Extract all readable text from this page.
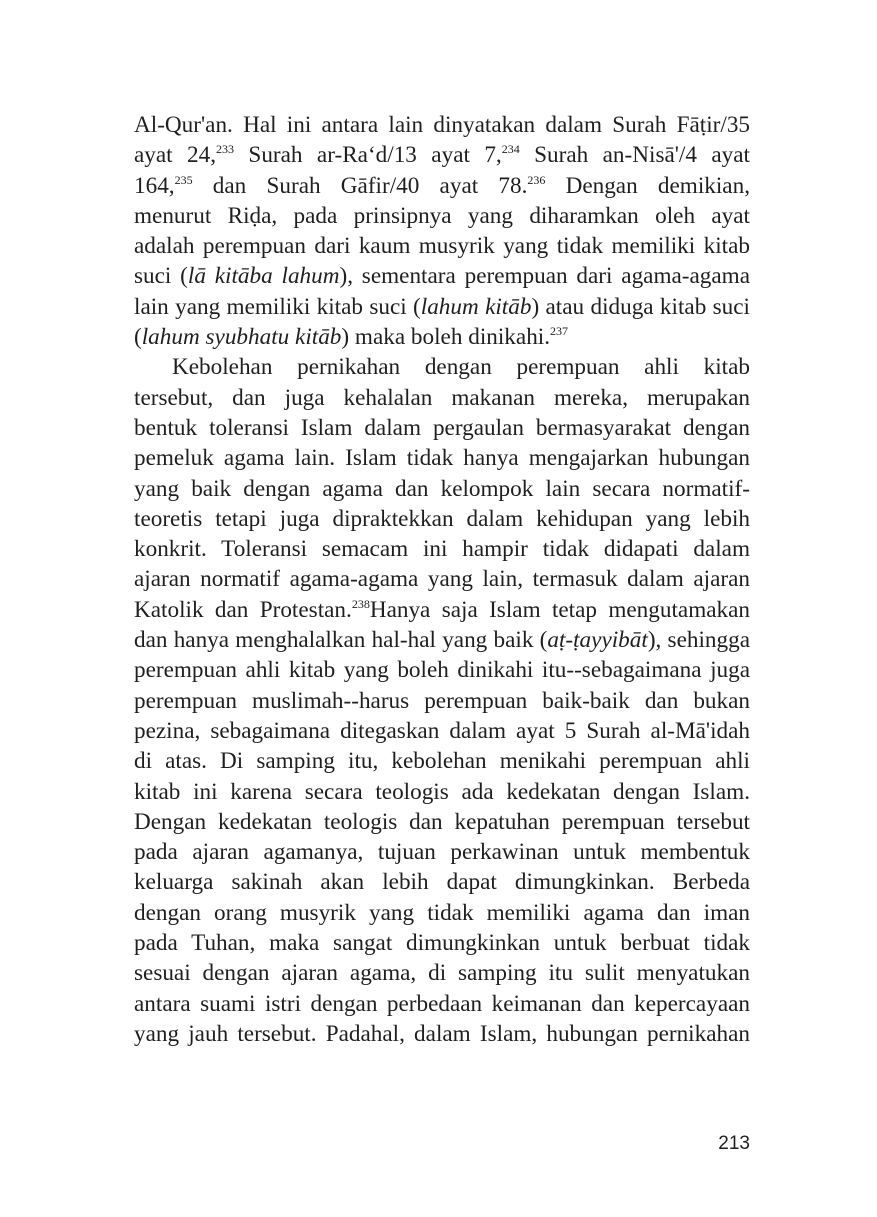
Al-Qur'an. Hal ini antara lain dinyatakan dalam Surah Fāṭir/35
ayat 24,$^{233}$ Surah ar-Ra‘d/13 ayat 7,$^{234}$ Surah an-Nisā'/4 ayat
164,$^{235}$ dan Surah Gāfir/40 ayat 78.$^{236}$ Dengan demikian,
menurut Riḍa, pada prinsipnya yang diharamkan oleh ayat
adalah perempuan dari kaum musyrik yang tidak memiliki kitab
suci (lā kitāba lahum), sementara perempuan dari agama-agama
lain yang memiliki kitab suci (lahum kitāb) atau diduga kitab suci
(lahum syubhatu kitāb) maka boleh dinikahi.$^{237}$
Kebolehan pernikahan dengan perempuan ahli kitab
tersebut, dan juga kehalalan makanan mereka, merupakan
bentuk toleransi Islam dalam pergaulan bermasyarakat dengan
pemeluk agama lain. Islam tidak hanya mengajarkan hubungan
yang baik dengan agama dan kelompok lain secara normatif-
teoretis tetapi juga dipraktekkan dalam kehidupan yang lebih
konkrit. Toleransi semacam ini hampir tidak didapati dalam
ajaran normatif agama-agama yang lain, termasuk dalam ajaran
Katolik dan Protestan.$^{238}$Hanya saja Islam tetap mengutamakan
dan hanya menghalalkan hal-hal yang baik (aṭ-ṭayyibāt), sehingga
perempuan ahli kitab yang boleh dinikahi itu--sebagaimana juga
perempuan muslimah--harus perempuan baik-baik dan bukan
pezina, sebagaimana ditegaskan dalam ayat 5 Surah al-Mā'idah
di atas. Di samping itu, kebolehan menikahi perempuan ahli
kitab ini karena secara teologis ada kedekatan dengan Islam.
Dengan kedekatan teologis dan kepatuhan perempuan tersebut
pada ajaran agamanya, tujuan perkawinan untuk membentuk
keluarga sakinah akan lebih dapat dimungkinkan. Berbeda
dengan orang musyrik yang tidak memiliki agama dan iman
pada Tuhan, maka sangat dimungkinkan untuk berbuat tidak
sesuai dengan ajaran agama, di samping itu sulit menyatukan
antara suami istri dengan perbedaan keimanan dan kepercayaan
yang jauh tersebut. Padahal, dalam Islam, hubungan pernikahan
213
